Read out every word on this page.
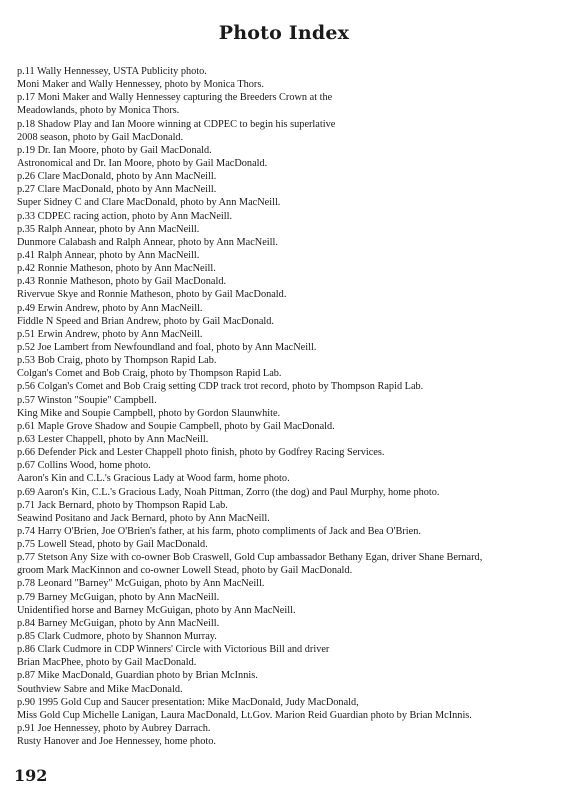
Photo Index
p.11 Wally Hennessey, USTA Publicity photo.
Moni Maker and Wally Hennessey, photo by Monica Thors.
p.17 Moni Maker and Wally Hennessey capturing the Breeders Crown at the
Meadowlands, photo by Monica Thors.
p.18 Shadow Play and Ian Moore winning at CDPEC to begin his superlative
2008 season, photo by Gail MacDonald.
p.19 Dr. Ian Moore, photo by Gail MacDonald.
Astronomical and Dr. Ian Moore, photo by Gail MacDonald.
p.26 Clare MacDonald, photo by Ann MacNeill.
p.27 Clare MacDonald, photo by Ann MacNeill.
Super Sidney C and Clare MacDonald, photo by Ann MacNeill.
p.33 CDPEC racing action, photo by Ann MacNeill.
p.35 Ralph Annear, photo by Ann MacNeill.
Dunmore Calabash and Ralph Annear, photo by Ann MacNeill.
p.41 Ralph Annear, photo by Ann MacNeill.
p.42 Ronnie Matheson, photo by Ann MacNeill.
p.43 Ronnie Matheson, photo by Gail MacDonald.
Rivervue Skye and Ronnie Matheson, photo by Gail MacDonald.
p.49 Erwin Andrew, photo by Ann MacNeill.
Fiddle N Speed and Brian Andrew, photo by Gail MacDonald.
p.51 Erwin Andrew, photo by Ann MacNeill.
p.52 Joe Lambert from Newfoundland and foal, photo by Ann MacNeill.
p.53 Bob Craig, photo by Thompson Rapid Lab.
Colgan's Comet and Bob Craig, photo by Thompson Rapid Lab.
p.56 Colgan's Comet and Bob Craig setting CDP track trot record, photo by Thompson Rapid Lab.
p.57 Winston "Soupie" Campbell.
King Mike and Soupie Campbell, photo by Gordon Slaunwhite.
p.61 Maple Grove Shadow and Soupie Campbell, photo by Gail MacDonald.
p.63 Lester Chappell, photo by Ann MacNeill.
p.66 Defender Pick and Lester Chappell photo finish, photo by Godfrey Racing Services.
p.67 Collins Wood, home photo.
Aaron's Kin and C.L.'s Gracious Lady at Wood farm, home photo.
p.69 Aaron's Kin, C.L.'s Gracious Lady, Noah Pittman, Zorro (the dog) and Paul Murphy, home photo.
p.71 Jack Bernard, photo by Thompson Rapid Lab.
Seawind Positano and Jack Bernard, photo by Ann MacNeill.
p.74 Harry O'Brien, Joe O'Brien's father, at his farm, photo compliments of Jack and Bea O'Brien.
p.75 Lowell Stead, photo by Gail MacDonald.
p.77 Stetson Any Size with co-owner Bob Craswell, Gold Cup ambassador Bethany Egan, driver Shane Bernard,
groom Mark MacKinnon and co-owner Lowell Stead, photo by Gail MacDonald.
p.78 Leonard "Barney" McGuigan, photo by Ann MacNeill.
p.79 Barney McGuigan, photo by Ann MacNeill.
Unidentified horse and Barney McGuigan, photo by Ann MacNeill.
p.84 Barney McGuigan, photo by Ann MacNeill.
p.85 Clark Cudmore, photo by Shannon Murray.
p.86 Clark Cudmore in CDP Winners' Circle with Victorious Bill and driver
Brian MacPhee, photo by Gail MacDonald.
p.87 Mike MacDonald, Guardian photo by Brian McInnis.
Southview Sabre and Mike MacDonald.
p.90 1995 Gold Cup and Saucer presentation: Mike MacDonald, Judy MacDonald,
Miss Gold Cup Michelle Lanigan, Laura MacDonald, Lt.Gov. Marion Reid Guardian photo by Brian McInnis.
p.91 Joe Hennessey, photo by Aubrey Darrach.
Rusty Hanover and Joe Hennessey, home photo.
192
